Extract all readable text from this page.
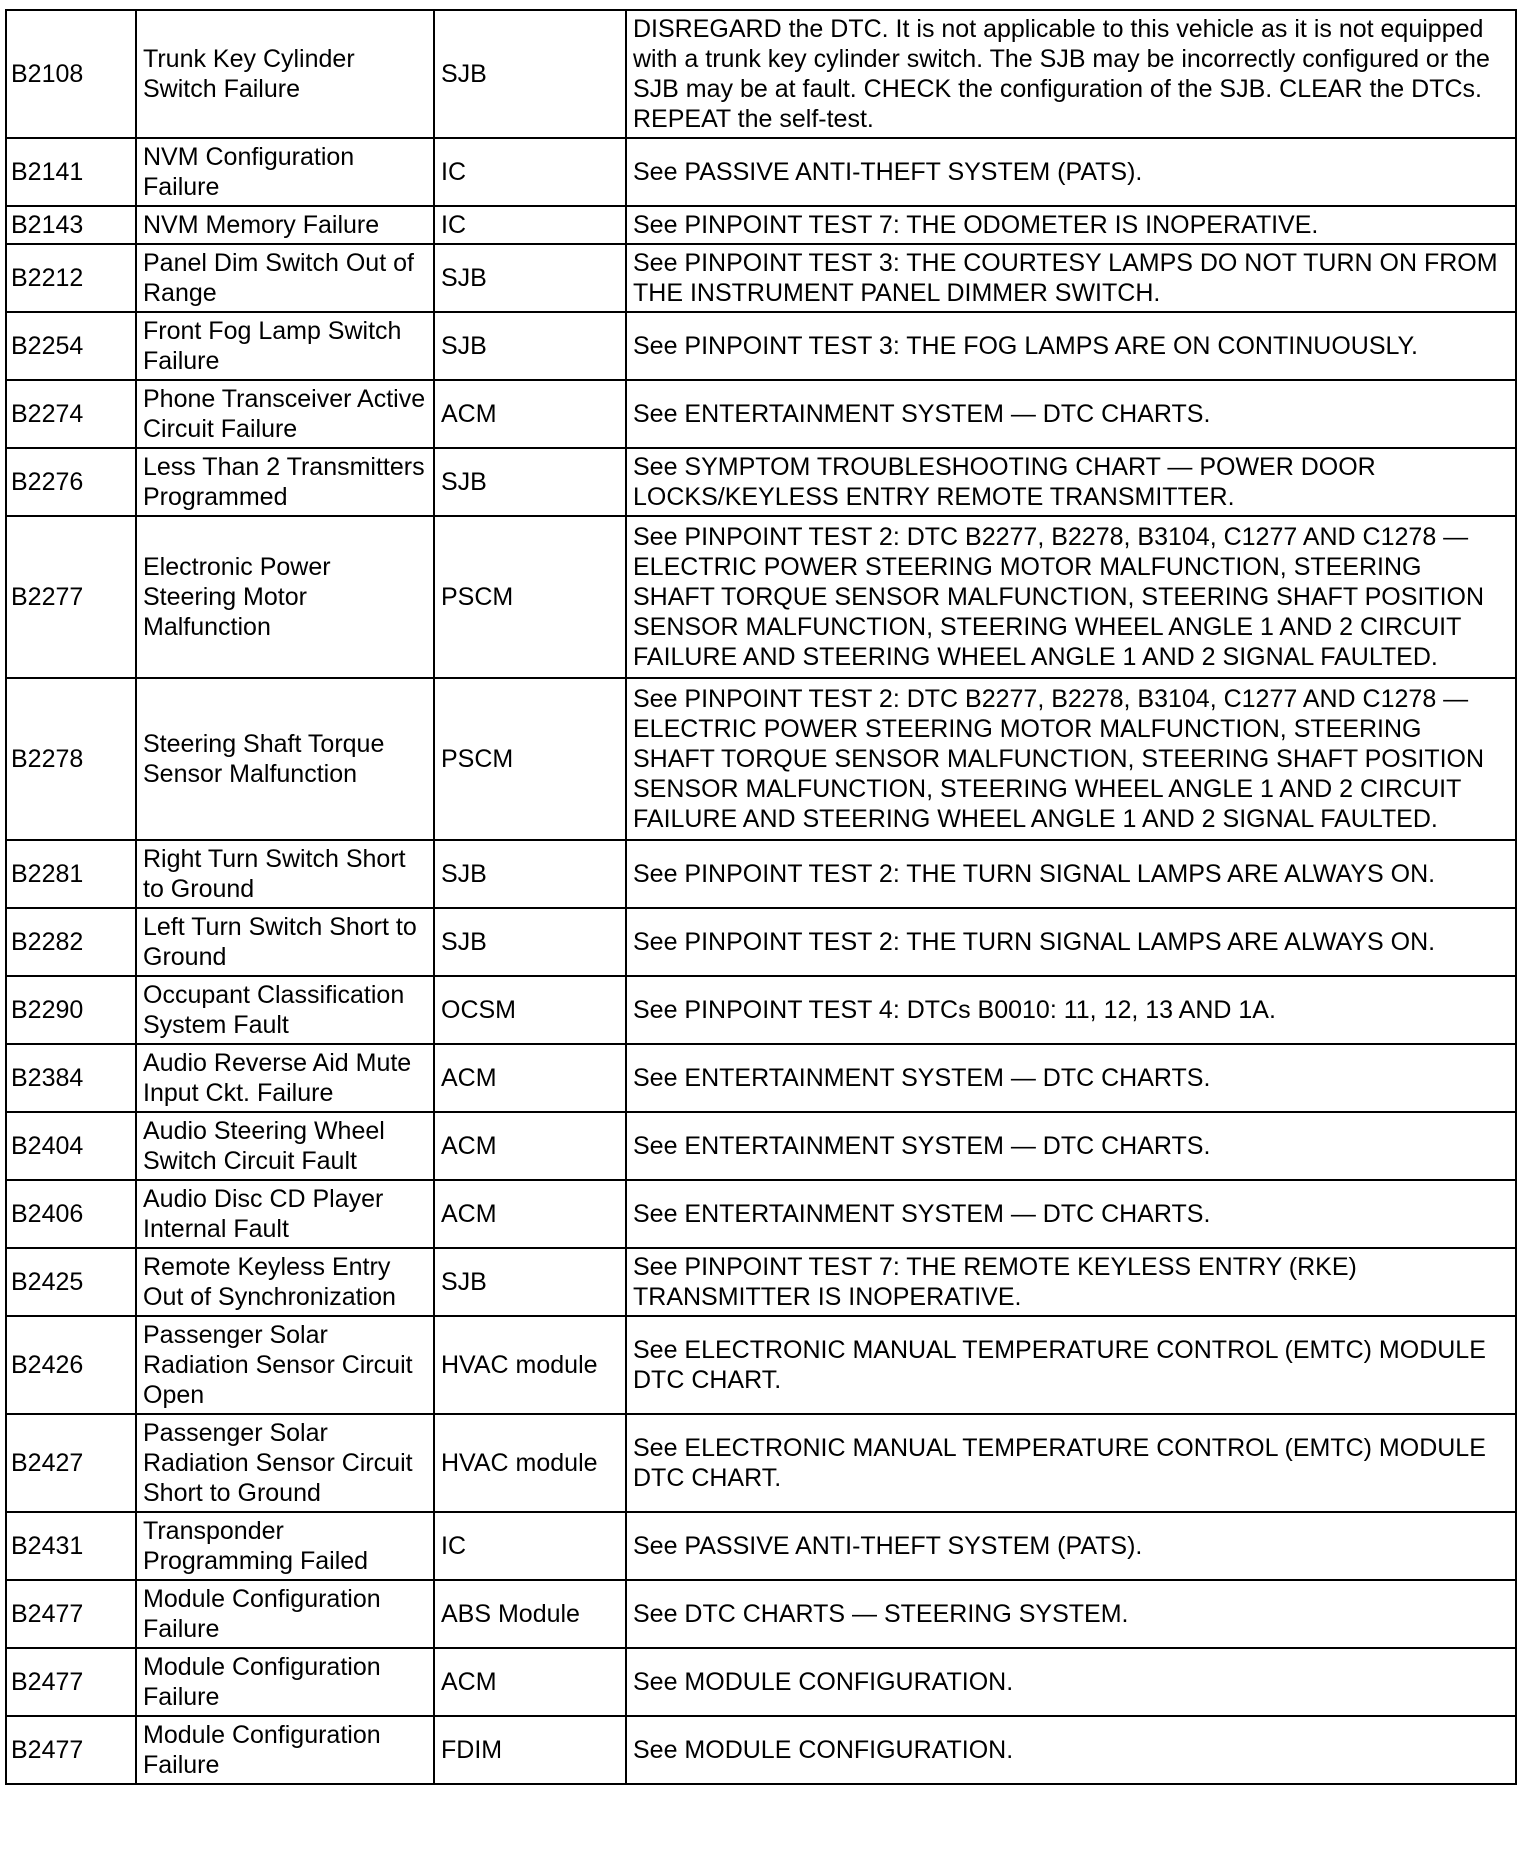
B2108	Trunk Key Cylinder Switch Failure	SJB	DISREGARD the DTC. It is not applicable to this vehicle as it is not equipped with a trunk key cylinder switch. The SJB may be incorrectly configured or the SJB may be at fault. CHECK the configuration of the SJB. CLEAR the DTCs. REPEAT the self-test.
B2141	NVM Configuration Failure	IC	See PASSIVE ANTI-THEFT SYSTEM (PATS).
B2143	NVM Memory Failure	IC	See PINPOINT TEST 7: THE ODOMETER IS INOPERATIVE.
B2212	Panel Dim Switch Out of Range	SJB	See PINPOINT TEST 3: THE COURTESY LAMPS DO NOT TURN ON FROM THE INSTRUMENT PANEL DIMMER SWITCH.
B2254	Front Fog Lamp Switch Failure	SJB	See PINPOINT TEST 3: THE FOG LAMPS ARE ON CONTINUOUSLY.
B2274	Phone Transceiver Active Circuit Failure	ACM	See ENTERTAINMENT SYSTEM — DTC CHARTS.
B2276	Less Than 2 Transmitters Programmed	SJB	See SYMPTOM TROUBLESHOOTING CHART — POWER DOOR LOCKS/KEYLESS ENTRY REMOTE TRANSMITTER.
B2277	Electronic Power Steering Motor Malfunction	PSCM	See PINPOINT TEST 2: DTC B2277, B2278, B3104, C1277 AND C1278 — ELECTRIC POWER STEERING MOTOR MALFUNCTION, STEERING SHAFT TORQUE SENSOR MALFUNCTION, STEERING SHAFT POSITION SENSOR MALFUNCTION, STEERING WHEEL ANGLE 1 AND 2 CIRCUIT FAILURE AND STEERING WHEEL ANGLE 1 AND 2 SIGNAL FAULTED.
B2278	Steering Shaft Torque Sensor Malfunction	PSCM	See PINPOINT TEST 2: DTC B2277, B2278, B3104, C1277 AND C1278 — ELECTRIC POWER STEERING MOTOR MALFUNCTION, STEERING SHAFT TORQUE SENSOR MALFUNCTION, STEERING SHAFT POSITION SENSOR MALFUNCTION, STEERING WHEEL ANGLE 1 AND 2 CIRCUIT FAILURE AND STEERING WHEEL ANGLE 1 AND 2 SIGNAL FAULTED.
B2281	Right Turn Switch Short to Ground	SJB	See PINPOINT TEST 2: THE TURN SIGNAL LAMPS ARE ALWAYS ON.
B2282	Left Turn Switch Short to Ground	SJB	See PINPOINT TEST 2: THE TURN SIGNAL LAMPS ARE ALWAYS ON.
B2290	Occupant Classification System Fault	OCSM	See PINPOINT TEST 4: DTCs B0010: 11, 12, 13 AND 1A.
B2384	Audio Reverse Aid Mute Input Ckt. Failure	ACM	See ENTERTAINMENT SYSTEM — DTC CHARTS.
B2404	Audio Steering Wheel Switch Circuit Fault	ACM	See ENTERTAINMENT SYSTEM — DTC CHARTS.
B2406	Audio Disc CD Player Internal Fault	ACM	See ENTERTAINMENT SYSTEM — DTC CHARTS.
B2425	Remote Keyless Entry Out of Synchronization	SJB	See PINPOINT TEST 7: THE REMOTE KEYLESS ENTRY (RKE) TRANSMITTER IS INOPERATIVE.
B2426	Passenger Solar Radiation Sensor Circuit Open	HVAC module	See ELECTRONIC MANUAL TEMPERATURE CONTROL (EMTC) MODULE DTC CHART.
B2427	Passenger Solar Radiation Sensor Circuit Short to Ground	HVAC module	See ELECTRONIC MANUAL TEMPERATURE CONTROL (EMTC) MODULE DTC CHART.
B2431	Transponder Programming Failed	IC	See PASSIVE ANTI-THEFT SYSTEM (PATS).
B2477	Module Configuration Failure	ABS Module	See DTC CHARTS — STEERING SYSTEM.
B2477	Module Configuration Failure	ACM	See MODULE CONFIGURATION.
B2477	Module Configuration Failure	FDIM	See MODULE CONFIGURATION.
